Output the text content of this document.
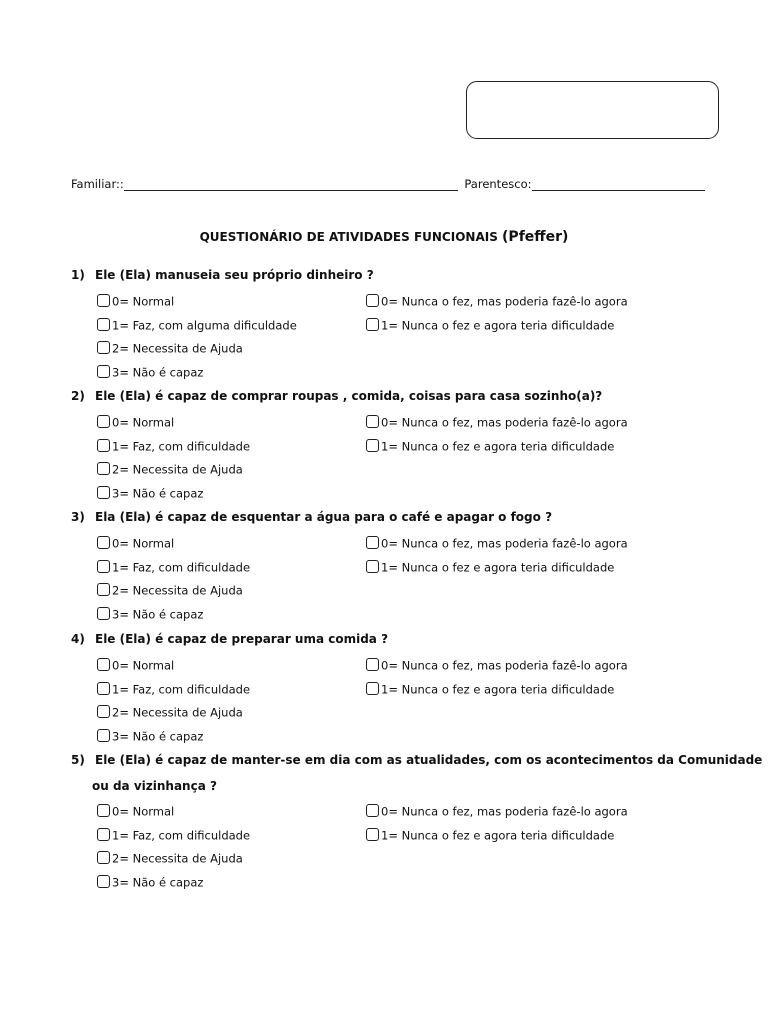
Familiar::	Parentesco:
QUESTIONÁRIO DE ATIVIDADES FUNCIONAIS (Pfeffer)
1) Ele (Ela) manuseia seu próprio dinheiro ?
0= Normal
1= Faz, com alguma dificuldade
2= Necessita de Ajuda
3= Não é capaz
0= Nunca o fez, mas poderia fazê-lo agora
1= Nunca o fez e agora teria dificuldade
2) Ele (Ela) é capaz de comprar roupas , comida, coisas para casa sozinho(a)?
0= Normal
1= Faz, com dificuldade
2= Necessita de Ajuda
3= Não é capaz
0= Nunca o fez, mas poderia fazê-lo agora
1= Nunca o fez e agora teria dificuldade
3) Ela (Ela) é capaz de esquentar a água para o café e apagar o fogo ?
0= Normal
1= Faz, com dificuldade
2= Necessita de Ajuda
3= Não é capaz
0= Nunca o fez, mas poderia fazê-lo agora
1= Nunca o fez e agora teria dificuldade
4) Ele (Ela) é capaz de preparar uma comida ?
0= Normal
1= Faz, com dificuldade
2= Necessita de Ajuda
3= Não é capaz
0= Nunca o fez, mas poderia fazê-lo agora
1= Nunca o fez e agora teria dificuldade
5) Ele (Ela) é capaz de manter-se em dia com as atualidades, com os acontecimentos da Comunidade
ou da vizinhança ?
0= Normal
1= Faz, com dificuldade
2= Necessita de Ajuda
3= Não é capaz
0= Nunca o fez, mas poderia fazê-lo agora
1= Nunca o fez e agora teria dificuldade
